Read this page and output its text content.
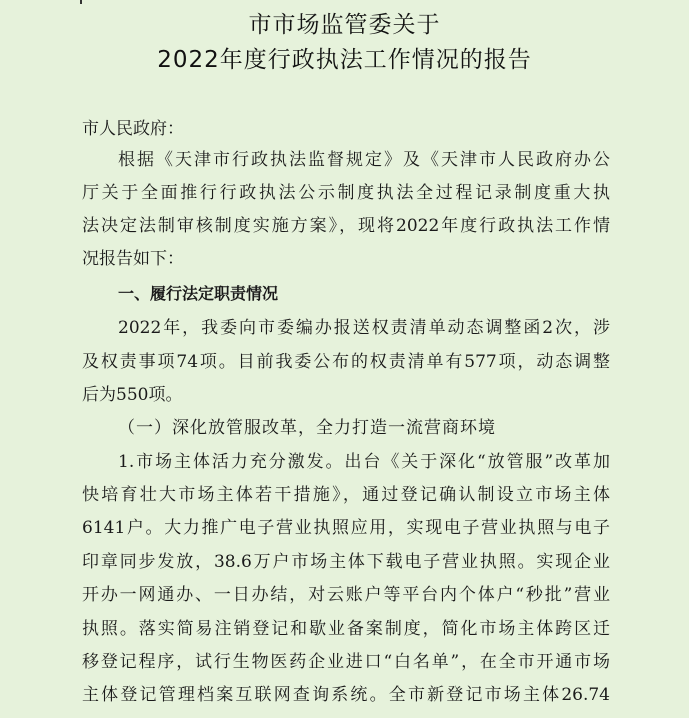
市市场监管委关于
2022年度行政执法工作情况的报告
市人民政府：
根据《天津市行政执法监督规定》及《天津市人民政府办公
厅关于全面推行行政执法公示制度执法全过程记录制度重大执
法决定法制审核制度实施方案》，现将2022年度行政执法工作情
况报告如下：
一、履行法定职责情况
2022年，我委向市委编办报送权责清单动态调整函2次，涉
及权责事项74项。目前我委公布的权责清单有577项，动态调整
后为550项。
（一）深化放管服改革，全力打造一流营商环境
1.市场主体活力充分激发。出台《关于深化“放管服”改革加
快培育壮大市场主体若干措施》，通过登记确认制设立市场主体
6141户。大力推广电子营业执照应用，实现电子营业执照与电子
印章同步发放，38.6万户市场主体下载电子营业执照。实现企业
开办一网通办、一日办结，对云账户等平台内个体户“秒批”营业
执照。落实简易注销登记和歇业备案制度，简化市场主体跨区迁
移登记程序，试行生物医药企业进口“白名单”，在全市开通市场
主体登记管理档案互联网查询系统。全市新登记市场主体26.74
